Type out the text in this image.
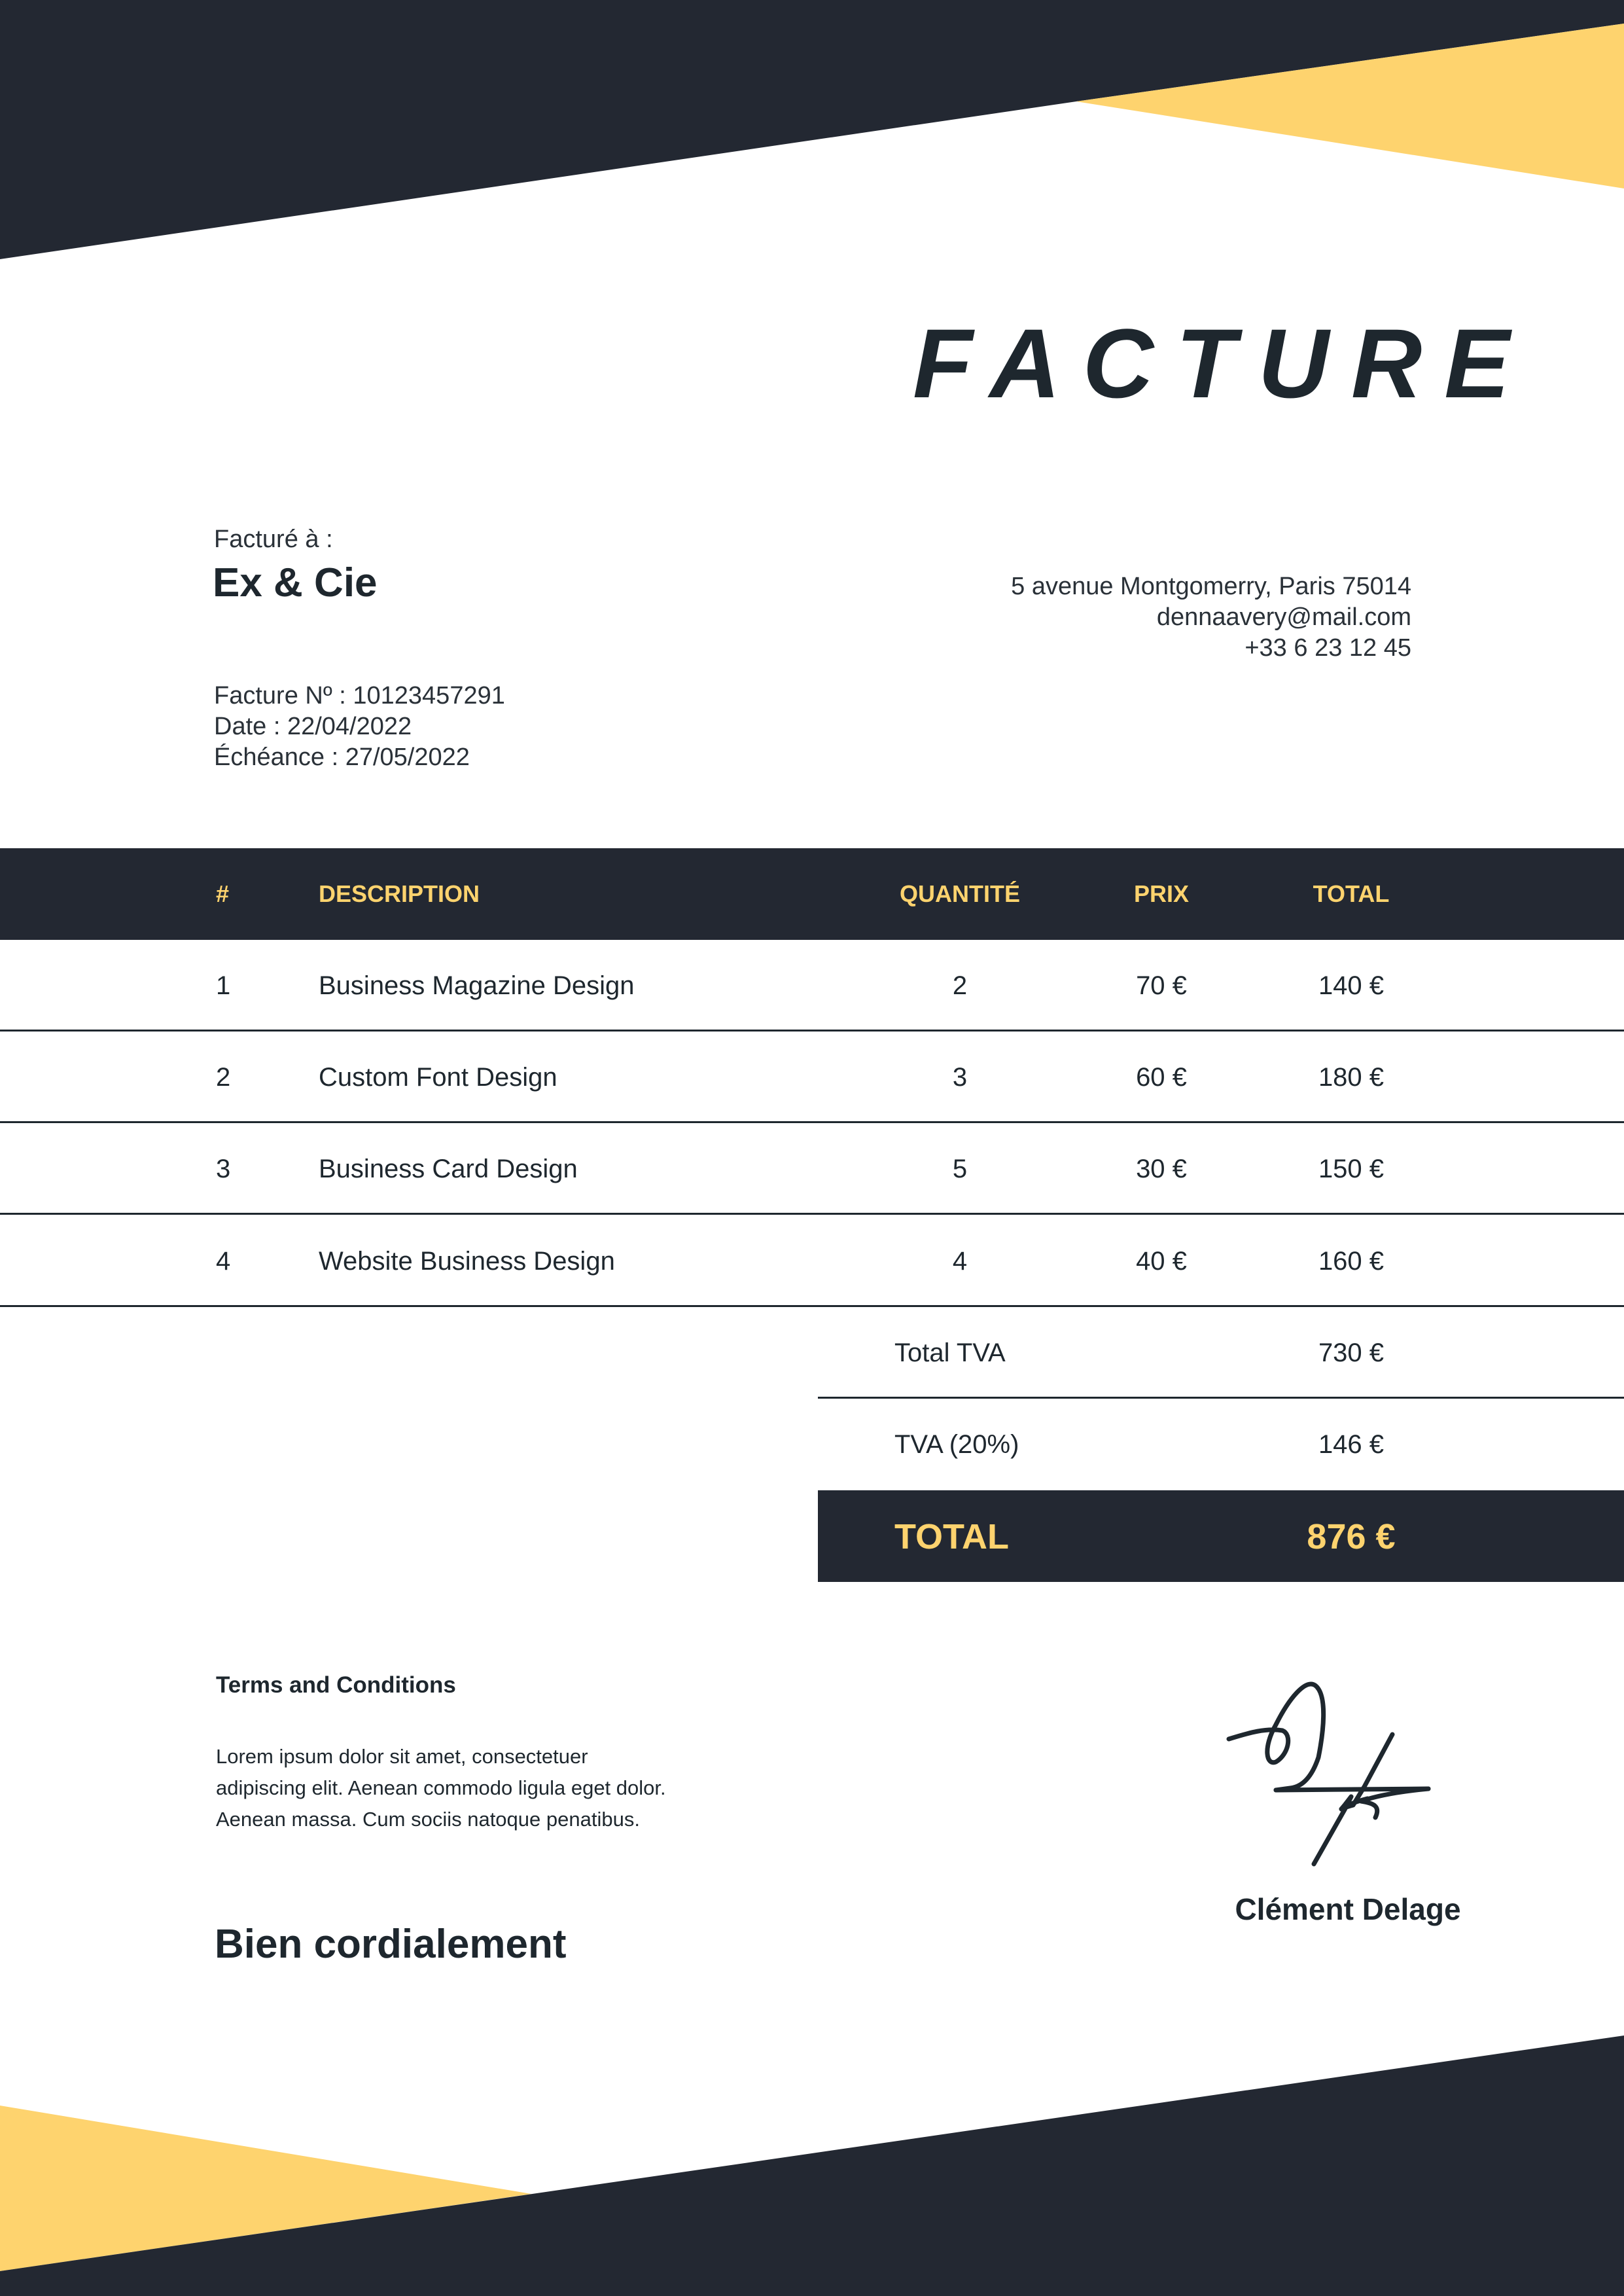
FACTURE
Facturé à :
Ex & Cie
Facture Nº : 10123457291
Date : 22/04/2022
Échéance : 27/05/2022
5 avenue Montgomerry, Paris 75014
dennaavery@mail.com
+33 6 23 12 45
#	DESCRIPTION	QUANTITÉ	PRIX	TOTAL
1	Business Magazine Design	2	70 €	140 €
2	Custom Font Design	3	60 €	180 €
3	Business Card Design	5	30 €	150 €
4	Website Business Design	4	40 €	160 €
Total TVA	730 €
TVA (20%)	146 €
TOTAL	876 €
Terms and Conditions
Lorem ipsum dolor sit amet, consectetuer
adipiscing elit. Aenean commodo ligula eget dolor.
Aenean massa. Cum sociis natoque penatibus.
Bien cordialement
Clément Delage
